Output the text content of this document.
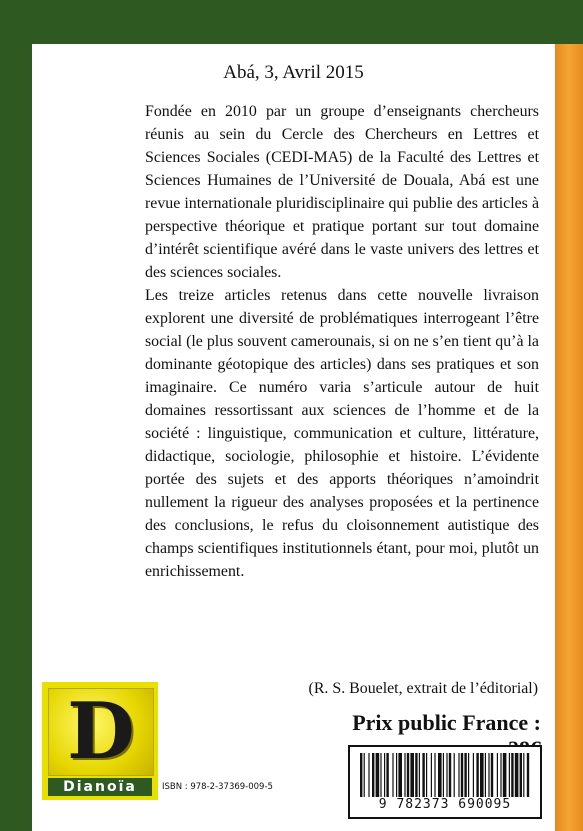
Abá, 3, Avril 2015

Fondée en 2010 par un groupe d’enseignants chercheurs réunis au sein du Cercle des Chercheurs en Lettres et Sciences Sociales (CEDI-MA5) de la Faculté des Lettres et Sciences Humaines de l’Université de Douala, Abá est une revue internationale pluridisciplinaire qui publie des articles à perspective théorique et pratique portant sur tout domaine d’intérêt scientifique avéré dans le vaste univers des lettres et des sciences sociales.

Les treize articles retenus dans cette nouvelle livraison explorent une diversité de problématiques interrogeant l’être social (le plus souvent camerounais, si on ne s’en tient qu’à la dominante géotopique des articles) dans ses pratiques et son imaginaire. Ce numéro varia s’articule autour de huit domaines ressortissant aux sciences de l’homme et de la société : linguistique, communication et culture, littérature, didactique, sociologie, philosophie et histoire. L’évidente portée des sujets et des apports théoriques n’amoindrit nullement la rigueur des analyses proposées et la pertinence des conclusions, le refus du cloisonnement autistique des champs scientifiques institutionnels étant, pour moi, plutôt un enrichissement.

(R. S. Bouelet, extrait de l’éditorial)
Prix public France :
D
Dianoïa	ISBN : 978-2-37369-009-5
9 782373 690095
